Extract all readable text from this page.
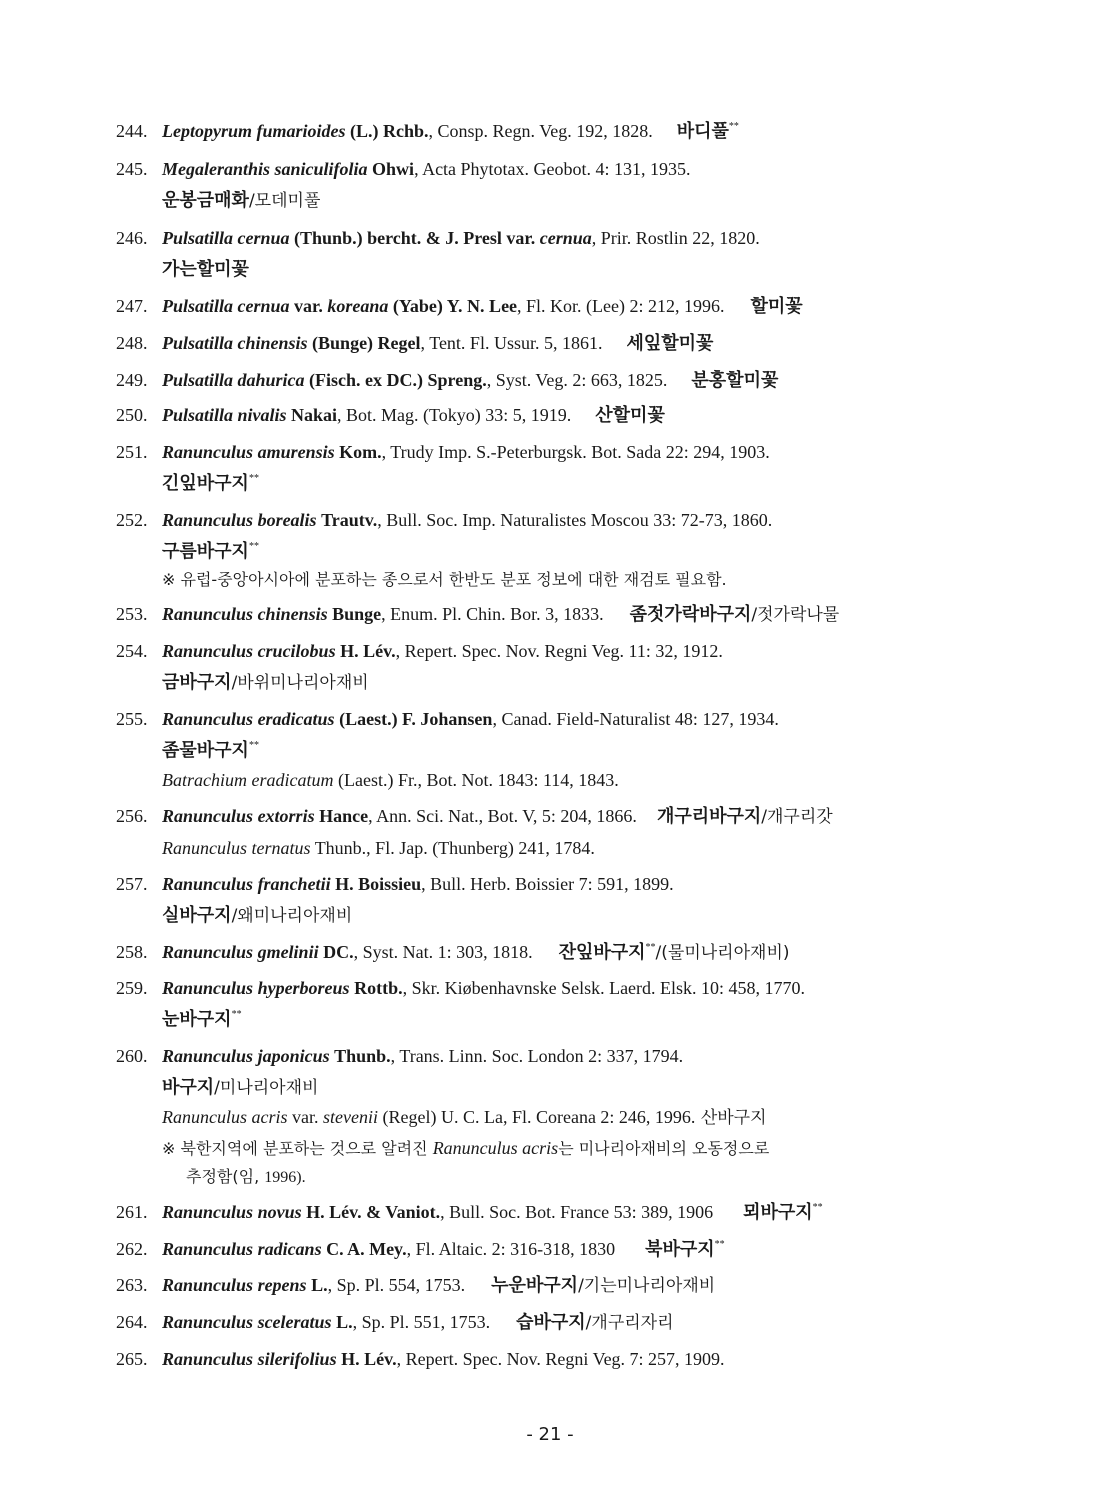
244. Leptopyrum fumarioides (L.) Rchb., Consp. Regn. Veg. 192, 1828. 바디풀**
245. Megaleranthis saniculifolia Ohwi, Acta Phytotax. Geobot. 4: 131, 1935.
운봉금매화/모데미풀
246. Pulsatilla cernua (Thunb.) bercht. & J. Presl var. cernua, Prir. Rostlin 22, 1820.
가는할미꽃
247. Pulsatilla cernua var. koreana (Yabe) Y. N. Lee, Fl. Kor. (Lee) 2: 212, 1996. 할미꽃
248. Pulsatilla chinensis (Bunge) Regel, Tent. Fl. Ussur. 5, 1861. 세잎할미꽃
249. Pulsatilla dahurica (Fisch. ex DC.) Spreng., Syst. Veg. 2: 663, 1825. 분홍할미꽃
250. Pulsatilla nivalis Nakai, Bot. Mag. (Tokyo) 33: 5, 1919. 산할미꽃
251. Ranunculus amurensis Kom., Trudy Imp. S.-Peterburgsk. Bot. Sada 22: 294, 1903.
긴잎바구지**
252. Ranunculus borealis Trautv., Bull. Soc. Imp. Naturalistes Moscou 33: 72-73, 1860.
구름바구지**
※ 유럽-중앙아시아에 분포하는 종으로서 한반도 분포 정보에 대한 재검토 필요함.
253. Ranunculus chinensis Bunge, Enum. Pl. Chin. Bor. 3, 1833. 좀젓가락바구지/젓가락나물
254. Ranunculus crucilobus H. Lév., Repert. Spec. Nov. Regni Veg. 11: 32, 1912.
금바구지/바위미나리아재비
255. Ranunculus eradicatus (Laest.) F. Johansen, Canad. Field-Naturalist 48: 127, 1934.
좀물바구지**
Batrachium eradicatum (Laest.) Fr., Bot. Not. 1843: 114, 1843.
256. Ranunculus extorris Hance, Ann. Sci. Nat., Bot. V, 5: 204, 1866. 개구리바구지/개구리갓
Ranunculus ternatus Thunb., Fl. Jap. (Thunberg) 241, 1784.
257. Ranunculus franchetii H. Boissieu, Bull. Herb. Boissier 7: 591, 1899.
실바구지/왜미나리아재비
258. Ranunculus gmelinii DC., Syst. Nat. 1: 303, 1818. 잔잎바구지**/(물미나리아재비)
259. Ranunculus hyperboreus Rottb., Skr. Kiøbenhavnske Selsk. Laerd. Elsk. 10: 458, 1770.
눈바구지**
260. Ranunculus japonicus Thunb., Trans. Linn. Soc. London 2: 337, 1794.
바구지/미나리아재비
Ranunculus acris var. stevenii (Regel) U. C. La, Fl. Coreana 2: 246, 1996. 산바구지
※ 북한지역에 분포하는 것으로 알려진 Ranunculus acris는 미나리아재비의 오동정으로
추정함(임, 1996).
261. Ranunculus novus H. Lév. & Vaniot., Bull. Soc. Bot. France 53: 389, 1906 뫼바구지**
262. Ranunculus radicans C. A. Mey., Fl. Altaic. 2: 316-318, 1830 북바구지**
263. Ranunculus repens L., Sp. Pl. 554, 1753. 누운바구지/기는미나리아재비
264. Ranunculus sceleratus L., Sp. Pl. 551, 1753. 습바구지/개구리자리
265. Ranunculus silerifolius H. Lév., Repert. Spec. Nov. Regni Veg. 7: 257, 1909.
- 21 -
